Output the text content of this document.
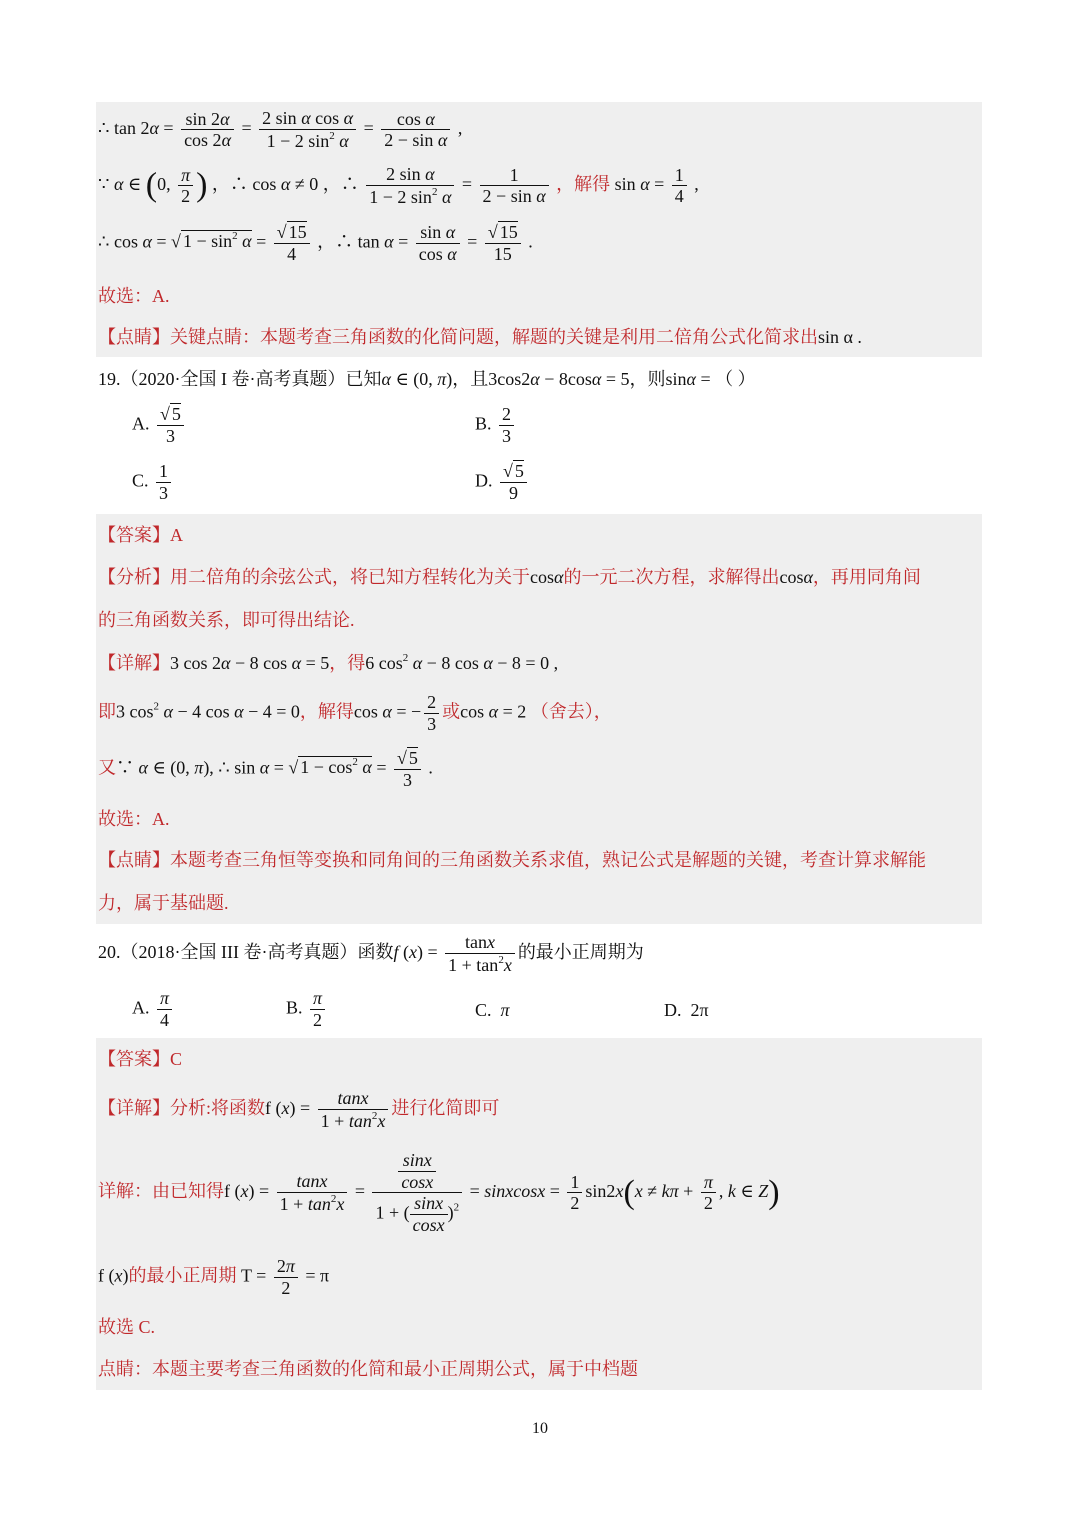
∴ $\tan 2\alpha = \frac{\sin 2\alpha}{\cos 2\alpha} = \frac{\text{2 sin α cos α}}{1 - 2 \sin^2 \alpha} = \frac{\text{cos α}}{\text{2 − sin α}}$ ,
∵ α ∈ (0, $\frac{\pi}{2}$ ) ，∴ cos α ≠ 0 ，∴ $\frac{\text{2 sin α}}{1 - 2 \sin^2 \alpha} = \frac{1}{\text{2 − sin α}}$ ，解得 $\sin \alpha = \frac{1}{4}$ ,
∴ cos α = √ $1 - \sin^2 \alpha = \frac{√ 15}{4}$ ，∴ $\tan \alpha = \frac{\text{sin α}}{\text{cos α}} = \frac{√ 15}{15}$ .
故选：A.
【点睛】关键点睛：本题考查三角函数的化简问题，解题的关键是利用二倍角公式化简求出sin α .
19.（2020·全国 I 卷·高考真题）已知α ∈ (0, π)，且3cos2α − 8cosα = 5，则sinα = （ ）
A. $\frac{√ 5}{3}$	B. $\frac{2}{3}$
C. $\frac{1}{3}$	D. $\frac{√ 5}{9}$
【答案】A
【分析】用二倍角的余弦公式，将已知方程转化为关于cosα的一元二次方程，求解得出cosα，再用同角间
的三角函数关系，即可得出结论.
【详解】3 cos 2α − 8 cos α = 5，得6 $\cos^2 \alpha - 8$ cos α − 8 = 0 ,
即3 $\cos^2 \alpha - 4$ cos α − 4 = 0，解得cos α = − $\frac{2}{3}$ 或cos α = 2 （舍去），
又∵ α ∈ (0, π), ∴ sin α = √ $1 - \cos^2 \alpha = \frac{√ 5}{3}$ .
故选：A.
【点睛】本题考查三角恒等变换和同角间的三角函数关系求值，熟记公式是解题的关键，考查计算求解能
力，属于基础题.
20.（2018·全国 III 卷·高考真题）函数f $(x) = \frac{\tan x}{1 + \tan^2x}$ 的最小正周期为
A. $\frac{\pi}{4}$	B. $\frac{\pi}{2}$	C. π	D. 2π
【答案】C
【详解】分析:将函数f $(x) = \frac{\tan x}{1 + \tan^2x}$ 进行化简即可
详解：由已知得f $(x) = \frac{\tan x}{1 + \tan^2x} = \frac{\frac{\sin x}{\cos x}}{1 + ( \frac{\sin x}{\cos x} )^2}$ = sinxcosx = $\frac{1}{2} \sin 2x(x \ne k\pi + \frac{\pi}{2}$ , k ∈ Z)
f (x)的最小正周期 $T = \frac{2\pi}{2} = \pi$
故选 C.
点睛：本题主要考查三角函数的化简和最小正周期公式，属于中档题
10
